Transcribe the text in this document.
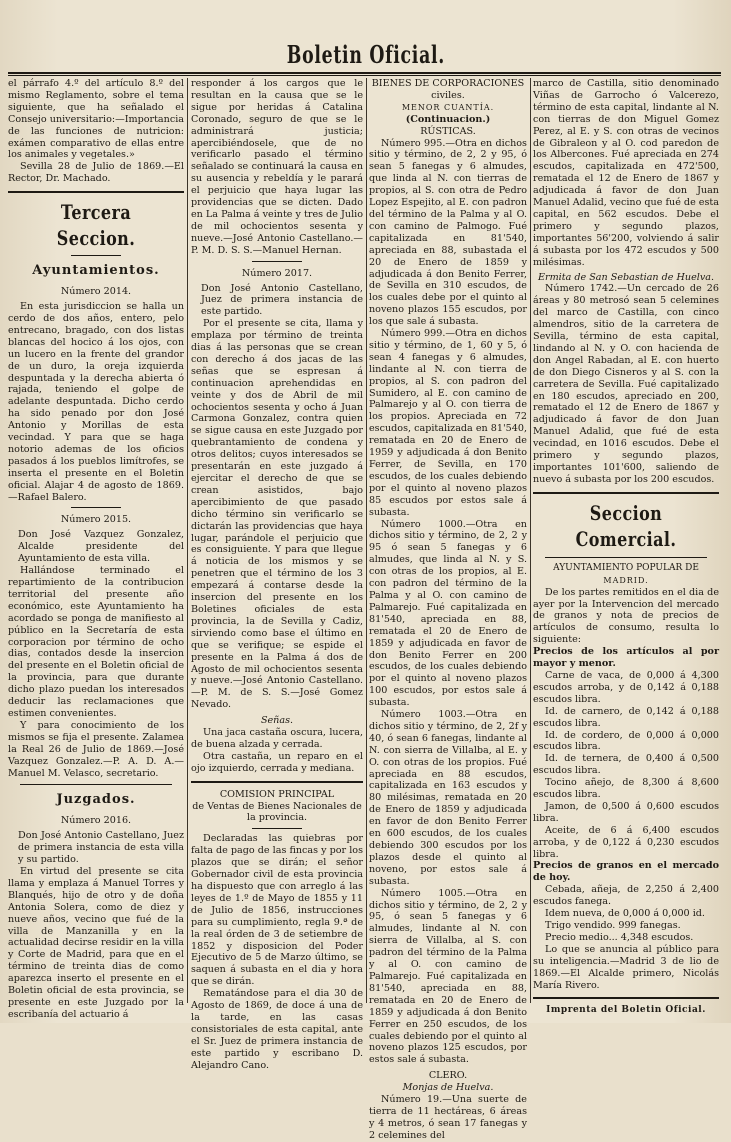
Boletin Oficial.

el párrafo 4.º del artículo 8.º del mismo Reglamento, sobre el tema siguiente, que ha señalado el Consejo universitario:—Importancia de las funciones de nutricion: exámen comparativo de ellas entre los animales y vegetales.»

Sevilla 28 de Julio de 1869.—El Rector, Dr. Machado.

Tercera Seccion.
Ayuntamientos.
Número 2014.

En esta jurisdiccion se halla un cerdo de dos años, entero, pelo entrecano, bragado, con dos listas blancas del hocico á los ojos, con un lucero en la frente del grandor de un duro, la oreja izquierda despuntada y la derecha abierta ó rajada, teniendo el golpe de adelante despuntada. Dicho cerdo ha sido penado por don José Antonio y Morillas de esta vecindad. Y para que se haga notorio ademas de los oficios pasados á los pueblos limítrofes, se inserta el presente en el Boletin oficial. Alajar 4 de agosto de 1869.—Rafael Balero.

Número 2015.

Don José Vazquez Gonzalez, Alcalde presidente del Ayuntamiento de esta villa.

Hallándose terminado el repartimiento de la contribucion territorial del presente año económico, este Ayuntamiento ha acordado se ponga de manifiesto al público en la Secretaría de esta corporacion por término de ocho dias, contados desde la insercion del presente en el Boletin oficial de la provincia, para que durante dicho plazo puedan los interesados deducir las reclamaciones que estimen convenientes.

Y para conocimiento de los mismos se fija el presente. Zalamea la Real 26 de Julio de 1869.—José Vazquez Gonzalez.—P. A. D. A.—Manuel M. Velasco, secretario.

Juzgados.
Número 2016.

Don José Antonio Castellano, Juez de primera instancia de esta villa y su partido.

En virtud del presente se cita llama y emplaza á Manuel Torres y Blanqués, hijo de otro y de doña Antonia Solera, como de diez y nueve años, vecino que fué de la villa de Manzanilla y en la actualidad decirse residir en la villa y Corte de Madrid, para que en el término de treinta dias de como aparezca inserto el presente en el Boletin oficial de esta provincia, se presente en este Juzgado por la escribanía del actuario á

responder á los cargos que le resultan en la causa que se le sigue por heridas á Catalina Coronado, seguro de que se le administrará justicia; apercibiéndosele, que de no verificarlo pasado el término señalado se continuará la causa en su ausencia y rebeldía y le parará el perjuicio que haya lugar las providencias que se dicten. Dado en La Palma á veinte y tres de Julio de mil ochocientos sesenta y nueve.—José Antonio Castellano.—P. M. D. S. S.—Manuel Hernan.

Número 2017.

Don José Antonio Castellano, Juez de primera instancia de este partido.

Por el presente se cita, llama y emplaza por término de treinta dias á las personas que se crean con derecho á dos jacas de las señas que se espresan á continuacion aprehendidas en veinte y dos de Abril de mil ochocientos sesenta y ocho á Juan Carmona Gonzalez, contra quien se sigue causa en este Juzgado por quebrantamiento de condena y otros delitos; cuyos interesados se presentarán en este juzgado á ejercitar el derecho de que se crean asistidos, bajo apercibimiento de que pasado dicho término sin verificarlo se dictarán las providencias que haya lugar, parándole el perjuicio que es consiguiente. Y para que llegue á noticia de los mismos y se penetren que el término de los 3 empezará á contarse desde la insercion del presente en los Boletines oficiales de esta provincia, la de Sevilla y Cadiz, sirviendo como base el último en que se verifique; se espide el presente en la Palma á dos de Agosto de mil ochocientos sesenta y nueve.—José Antonio Castellano.—P. M. de S. S.—José Gomez Nevado.

Señas.

Una jaca castaña oscura, lucera, de buena alzada y cerrada.

Otra castaña, un reparo en el ojo izquierdo, cerrada y mediana.

COMISION PRINCIPAL
de Ventas de Bienes Nacionales de la provincia.

Declaradas las quiebras por falta de pago de las fincas y por los plazos que se dirán; el señor Gobernador civil de esta provincia ha dispuesto que con arreglo á las leyes de 1.º de Mayo de 1855 y 11 de Julio de 1856, instrucciones para su cumplimiento, regla 9.ª de la real órden de 3 de setiembre de 1852 y disposicion del Poder Ejecutivo de 5 de Marzo último, se saquen á subasta en el dia y hora que se dirán.

Rematándose para el dia 30 de Agosto de 1869, de doce á una de la tarde, en las casas consistoriales de esta capital, ante el Sr. Juez de primera instancia de este partido y escribano D. Alejandro Cano.

BIENES DE CORPORACIONES civiles.
MENOR CUANTÍA.
(Continuacion.)
RÚSTICAS.

Número 995.—Otra en dichos sitio y término, de 2, 2 y 95, ó sean 5 fanegas y 6 almudes, que linda al N. con tierras de propios, al S. con otra de Pedro Lopez Espejito, al E. con padron del término de la Palma y al O. con camino de Palmogo. Fué capitalizada en 81'540, apreciada en 88, subastada el 20 de Enero de 1859 y adjudicada á don Benito Ferrer, de Sevilla en 310 escudos, de los cuales debe por el quinto al noveno plazos 155 escudos, por los que sale á subasta.

Número 999.—Otra en dichos sitio y término, de 1, 60 y 5, ó sean 4 fanegas y 6 almudes, lindante al N. con tierra de propios, al S. con padron del Sumidero, al E. con camino de Palmarejo y al O. con tierra de los propios. Apreciada en 72 escudos, capitalizada en 81'540, rematada en 20 de Enero de 1959 y adjudicada á don Benito Ferrer, de Sevilla, en 170 escudos, de los cuales debiendo por el quinto al noveno plazos 85 escudos por estos sale á subasta.

Número 1000.—Otra en dichos sitio y término, de 2, 2 y 95 ó sean 5 fanegas y 6 almudes, que linda al N. y S. con otras de los propios, al E. con padron del término de la Palma y al O. con camino de Palmarejo. Fué capitalizada en 81'540, apreciada en 88, rematada el 20 de Enero de 1859 y adjudicada en favor de don Benito Ferrer en 200 escudos, de los cuales debiendo por el quinto al noveno plazos 100 escudos, por estos sale á subasta.

Número 1003.—Otra en dichos sitio y término, de 2, 2f y 40, ó sean 6 fanegas, lindante al N. con sierra de Villalba, al E. y O. con otras de los propios. Fué apreciada en 88 escudos, capitalizada en 163 escudos y 80 milésimas, rematada en 20 de Enero de 1859 y adjudicada en favor de don Benito Ferrer en 600 escudos, de los cuales debiendo 300 escudos por los plazos desde el quinto al noveno, por estos sale á subasta.

Número 1005.—Otra en dichos sitio y término, de 2, 2 y 95, ó sean 5 fanegas y 6 almudes, lindante al N. con sierra de Villalba, al S. con padron del término de la Palma y al O. con camino de Palmarejo. Fué capitalizada en 81'540, apreciada en 88, rematada en 20 de Enero de 1859 y adjudicada á don Benito Ferrer en 250 escudos, de los cuales debiendo por el quinto al noveno plazos 125 escudos, por estos sale á subasta.

CLERO.
Monjas de Huelva.

Número 19.—Una suerte de tierra de 11 hectáreas, 6 áreas y 4 metros, ó sean 17 fanegas y 2 celemines del

marco de Castilla, sitio denominado Viñas de Garrocho ó Valcerezo, término de esta capital, lindante al N. con tierras de don Miguel Gomez Perez, al E. y S. con otras de vecinos de Gibraleon y al O. cod paredon de los Albercones. Fué apreciada en 274 escudos, capitalizada en 472'500, rematada el 12 de Enero de 1867 y adjudicada á favor de don Juan Manuel Adalid, vecino que fué de esta capital, en 562 escudos. Debe el primero y segundo plazos, importantes 56'200, volviendo á salir á subasta por los 472 escudos y 500 milésimas.

Ermita de San Sebastian de Huelva.

Número 1742.—Un cercado de 26 áreas y 80 metrosó sean 5 celemines del marco de Castilla, con cinco almendros, sitio de la carretera de Sevilla, término de esta capital, lindando al N. y O. con hacienda de don Angel Rabadan, al E. con huerto de don Diego Cisneros y al S. con la carretera de Sevilla. Fué capitalizado en 180 escudos, apreciado en 200, rematado el 12 de Enero de 1867 y adjudicado á favor de don Juan Manuel Adalid, que fué de esta vecindad, en 1016 escudos. Debe el primero y segundo plazos, importantes 101'600, saliendo de nuevo á subasta por los 200 escudos.

Seccion Comercial.
AYUNTAMIENTO POPULAR DE
MADRID.

De los partes remitidos en el dia de ayer por la Intervencion del mercado de granos y nota de precios de artículos de consumo, resulta lo siguiente:

Precios de los artículos al por mayor y menor.

Carne de vaca, de 0,000 á 4,300 escudos arroba, y de 0,142 á 0,188 escudos libra.

Id. de carnero, de 0,142 á 0,188 escudos libra.

Id. de cordero, de 0,000 á 0,000 escudos libra.

Id. de ternera, de 0,400 á 0,500 escudos libra.

Tocino añejo, de 8,300 á 8,600 escudos libra.

Jamon, de 0,500 á 0,600 escudos libra.

Aceite, de 6 á 6,400 escudos arroba, y de 0,122 á 0,230 escudos libra.

Precios de granos en el mercado de hoy.

Cebada, añeja, de 2,250 á 2,400 escudos fanega.

Idem nueva, de 0,000 á 0,000 id.

Trigo vendido. 999 fanegas.

Precio medio... 4,348 escudos.

Lo que se anuncia al público para su inteligencia.—Madrid 3 de lio de 1869.—El Alcalde primero, Nicolás María Rivero.

Imprenta del Boletin Oficial.
